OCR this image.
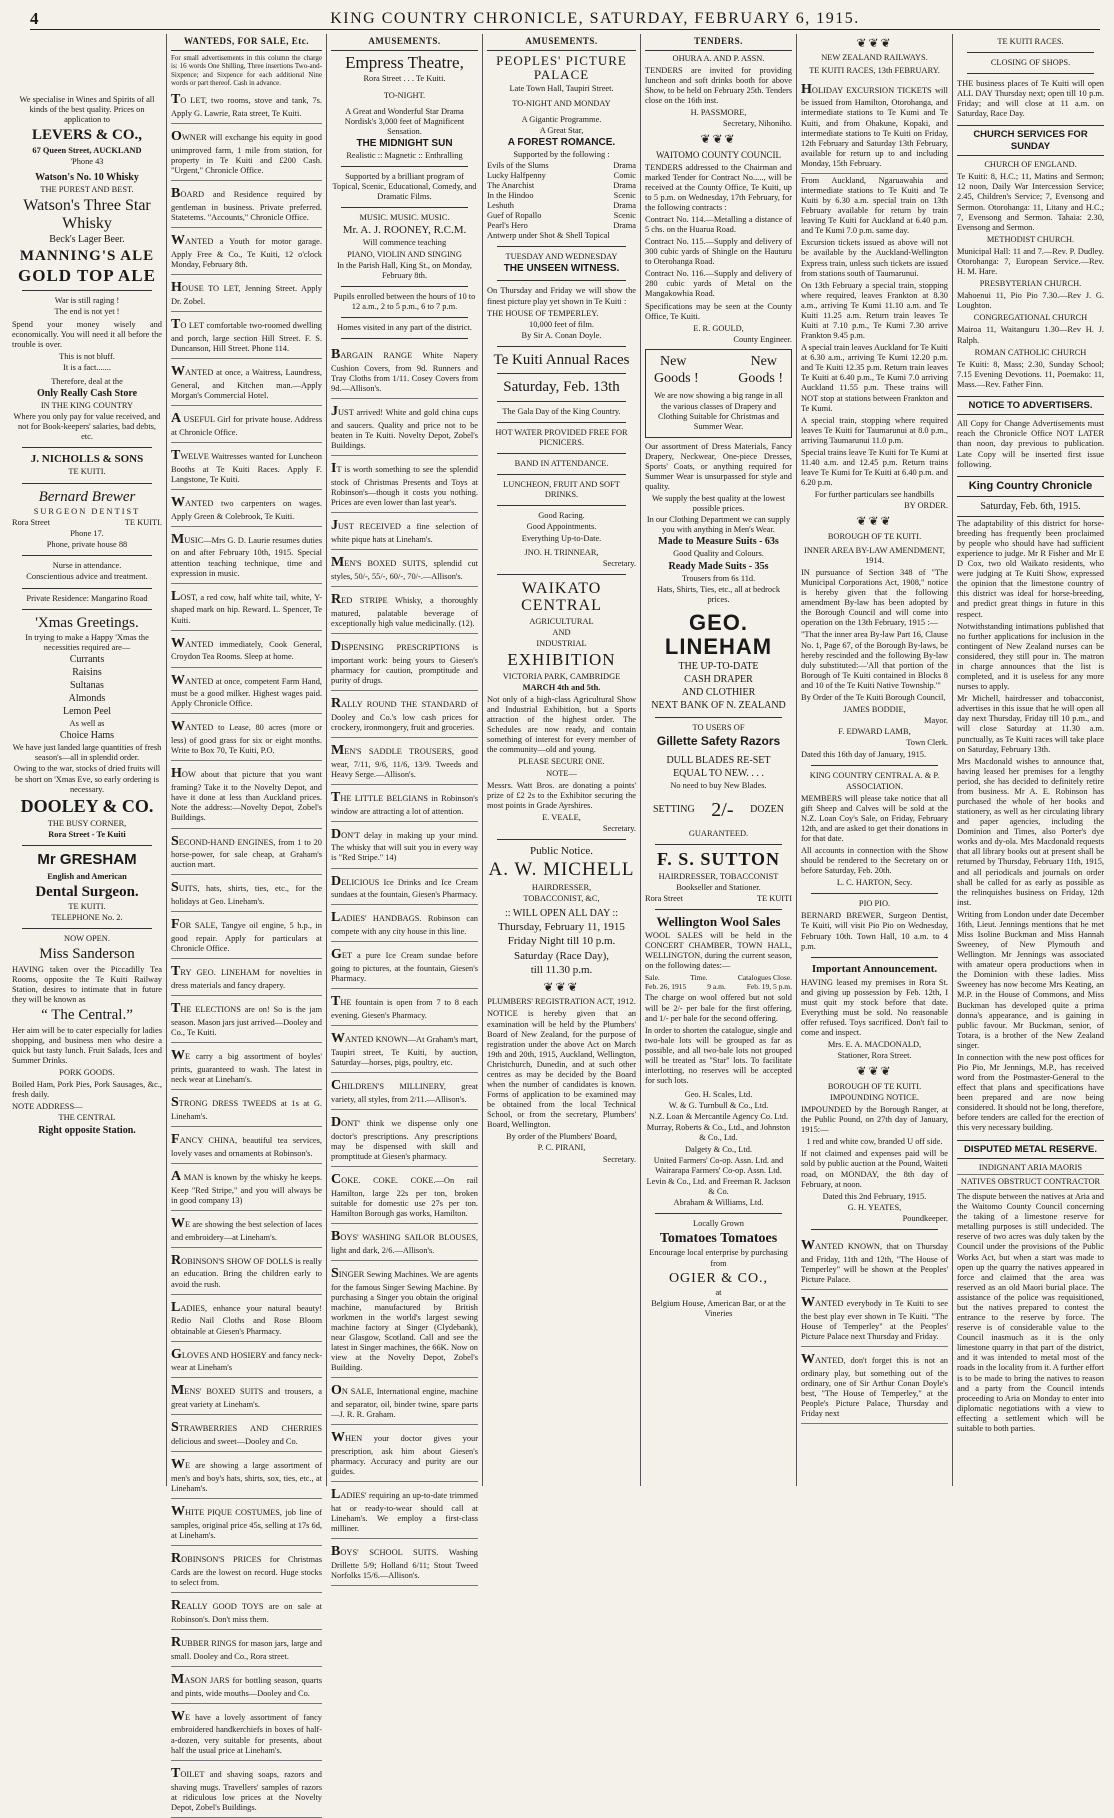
4	KING COUNTRY CHRONICLE, SATURDAY, FEBRUARY 6, 1915.

We specialise in Wines and Spirits of all kinds of the best quality. Prices on application to

LEVERS & CO.,
67 Queen Street, AUCKLAND
'Phone 43
Watson's No. 10 Whisky
THE PUREST AND BEST.
Watson's Three Star Whisky
Beck's Lager Beer.
MANNING'S ALE
GOLD TOP ALE
War is still raging !
The end is not yet !

Spend your money wisely and economically. You will need it all before the trouble is over.

This is not bluff.
It is a fact.......
Therefore, deal at the
Only Really Cash Store
IN THE KING COUNTRY

Where you only pay for value received, and not for Book-keepers' salaries, bad debts, etc.

J. NICHOLLS & SONS
TE KUITI.
Bernard Brewer
SURGEON DENTIST
Rora Street	TE KUITI.
Phone 17.
Phone, private house 88
Nurse in attendance.
Conscientious advice and treatment.
Private Residence: Mangarino Road
'Xmas Greetings.

In trying to make a Happy 'Xmas the necessities required are—

Currants
Raisins
Sultanas
Almonds
Lemon Peel
As well as
Choice Hams

We have just landed large quantities of fresh season's—all in splendid order.

Owing to the war, stocks of dried fruits will be short on 'Xmas Eve, so early ordering is necessary.

DOOLEY & CO.
THE BUSY CORNER,
Rora Street - Te Kuiti
Mr GRESHAM
English and American
Dental Surgeon.
TE KUITI.
TELEPHONE No. 2.
NOW OPEN.
Miss Sanderson

HAVING taken over the Piccadilly Tea Rooms, opposite the Te Kuiti Railway Station, desires to intimate that in future they will be known as

“ The Central.”

Her aim will be to cater especially for ladies shopping, and business men who desire a quick but tasty lunch. Fruit Salads, Ices and Summer Drinks.

PORK GOODS.

Boiled Ham, Pork Pies, Pork Sausages, &c., fresh daily.

NOTE ADDRESS—
THE CENTRAL
Right opposite Station.
WANTEDS, FOR SALE, Etc.
For small advertisements in this column the charge is: 16 words One Shilling, Three insertions Two-and-Sixpence; and Sixpence for each additional Nine words or part thereof. Cash in advance.

TO LET, two rooms, stove and tank, 7s. Apply G. Lawrie, Rata street, Te Kuiti.

OWNER will exchange his equity in good unimproved farm, 1 mile from station, for property in Te Kuiti and £200 Cash. "Urgent," Chronicle Office.

BOARD and Residence required by gentleman in business. Private preferred. Statetems. "Accounts," Chronicle Office.

WANTED a Youth for motor garage. Apply Free & Co., Te Kuiti, 12 o'clock Monday, February 8th.

HOUSE TO LET, Jenning Street. Apply Dr. Zobel.

TO LET comfortable two-roomed dwelling and porch, large section Hill Street. F. S. Duncanson, Hill Street. Phone 114.

WANTED at once, a Waitress, Laundress, General, and Kitchen man.—Apply Morgan's Commercial Hotel.

A USEFUL Girl for private house. Address at Chronicle Office.

TWELVE Waitresses wanted for Luncheon Booths at Te Kuiti Races. Apply F. Langstone, Te Kuiti.

WANTED two carpenters on wages. Apply Green & Colebrook, Te Kuiti.

MUSIC—Mrs G. D. Laurie resumes duties on and after February 10th, 1915. Special attention teaching technique, time and expression in music.

LOST, a red cow, half white tail, white, Y-shaped mark on hip. Reward. L. Spencer, Te Kuiti.

WANTED immediately, Cook General, Croydon Tea Rooms. Sleep at home.

WANTED at once, competent Farm Hand, must be a good milker. Highest wages paid. Apply Chronicle Office.

WANTED to Lease, 80 acres (more or less) of good grass for six or eight months. Write to Box 70, Te Kuiti, P.O.

HOW about that picture that you want framing? Take it to the Novelty Depot, and have it done at less than Auckland prices. Note the address:—Novelty Depot, Zobel's Buildings.

SECOND-HAND ENGINES, from 1 to 20 horse-power, for sale cheap, at Graham's auction mart.

SUITS, hats, shirts, ties, etc., for the holidays at Geo. Lineham's.

FOR SALE, Tangye oil engine, 5 h.p., in good repair. Apply for particulars at Chronicle Office.

TRY GEO. LINEHAM for novelties in dress materials and fancy drapery.

THE ELECTIONS are on! So is the jam season. Mason jars just arrived—Dooley and Co., Te Kuiti.

WE carry a big assortment of boyles' prints, guaranteed to wash. The latest in neck wear at Lineham's.

STRONG DRESS TWEEDS at 1s at G. Lineham's.

FANCY CHINA, beautiful tea services, lovely vases and ornaments at Robinson's.

A MAN is known by the whisky he keeps. Keep "Red Stripe," and you will always be in good company 13)

WE are showing the best selection of laces and embroidery—at Lineham's.

ROBINSON'S SHOW OF DOLLS is really an education. Bring the children early to avoid the rush.

LADIES, enhance your natural beauty! Redio Nail Cloths and Rose Bloom obtainable at Giesen's Pharmacy.

GLOVES AND HOSIERY and fancy neck-wear at Lineham's

MENS' BOXED SUITS and trousers, a great variety at Lineham's.

STRAWBERRIES AND CHERRIES delicious and sweet—Dooley and Co.

WE are showing a large assortment of men's and boy's hats, shirts, sox, ties, etc., at Lineham's.

WHITE PIQUE COSTUMES, job line of samples, original price 45s, selling at 17s 6d, at Lineham's.

ROBINSON'S PRICES for Christmas Cards are the lowest on record. Huge stocks to select from.

REALLY GOOD TOYS are on sale at Robinson's. Don't miss them.

RUBBER RINGS for mason jars, large and small. Dooley and Co., Rora street.

MASON JARS for bottling season, quarts and pints, wide mouths—Dooley and Co.

WE have a lovely assortment of fancy embroidered handkerchiefs in boxes of half-a-dozen, very suitable for presents, about half the usual price at Lineham's.

TOILET and shaving soaps, razors and shaving mugs. Travellers' samples of razors at ridiculous low prices at the Novelty Depot, Zobel's Buildings.

AMUSEMENTS.
Empress Theatre,
Rora Street . . . Te Kuiti.
TO-NIGHT.

A Great and Wonderful Star Drama Nordisk's 3,000 feet of Magnificent Sensation.

THE MIDNIGHT SUN
Realistic :: Magnetic :: Enthralling

Supported by a brilliant program of Topical, Scenic, Educational, Comedy, and Dramatic Films.

MUSIC. MUSIC. MUSIC.
Mr. A. J. ROONEY, R.C.M.
Will commence teaching
PIANO, VIOLIN AND SINGING

In the Parish Hall, King St., on Monday, February 8th.

Pupils enrolled between the hours of 10 to 12 a.m., 2 to 5 p.m., 6 to 7 p.m.

Homes visited in any part of the district.

BARGAIN RANGE White Napery Cushion Covers, from 9d. Runners and Tray Cloths from 1/11. Cosey Covers from 9d.—Allison's.

JUST arrived! White and gold china cups and saucers. Quality and price not to be beaten in Te Kuiti. Novelty Depot, Zobel's Buildings.

IT is worth something to see the splendid stock of Christmas Presents and Toys at Robinson's—though it costs you nothing. Prices are even lower than last year's.

JUST RECEIVED a fine selection of white pique hats at Lineham's.

MEN'S BOXED SUITS, splendid cut styles, 50/-, 55/-, 60/-, 70/-.—Allison's.

RED STRIPE Whisky, a thoroughly matured, palatable beverage of exceptionally high value medicinally. (12).

DISPENSING PRESCRIPTIONS is important work: being yours to Giesen's pharmacy for caution, promptitude and purity of drugs.

RALLY ROUND THE STANDARD of Dooley and Co.'s low cash prices for crockery, ironmongery, fruit and groceries.

MEN'S SADDLE TROUSERS, good wear, 7/11, 9/6, 11/6, 13/9. Tweeds and Heavy Serge.—Allison's.

THE LITTLE BELGIANS in Robinson's window are attracting a lot of attention.

DON'T delay in making up your mind. The whisky that will suit you in every way is "Red Stripe." 14)

DELICIOUS Ice Drinks and Ice Cream sundaes at the fountain, Giesen's Pharmacy.

LADIES' HANDBAGS. Robinson can compete with any city house in this line.

GET a pure Ice Cream sundae before going to pictures, at the fountain, Giesen's Pharmacy.

THE fountain is open from 7 to 8 each evening. Giesen's Pharmacy.

WANTED KNOWN—At Graham's mart, Taupiri street, Te Kuiti, by auction, Saturday—horses, pigs, poultry, etc.

CHILDREN'S MILLINERY, great variety, all styles, from 2/11.—Allison's.

DONT' think we dispense only one doctor's prescriptions. Any prescriptions may be dispensed with skill and promptitude at Giesen's pharmacy.

COKE. COKE. COKE.—On rail Hamilton, large 22s per ton, broken suitable for domestic use 27s per ton. Hamilton Borough gas works, Hamilton.

BOYS' WASHING SAILOR BLOUSES, light and dark, 2/6.—Allison's.

SINGER Sewing Machines. We are agents for the famous Singer Sewing Machine. By purchasing a Singer you obtain the original machine, manufactured by British workmen in the world's largest sewing machine factory at Singer (Clydebank), near Glasgow, Scotland. Call and see the latest in Singer machines, the 66K. Now on view at the Novelty Depot, Zobel's Building.

ON SALE, International engine, machine and separator, oil, binder twine, spare parts—J. R. R. Graham.

WHEN your doctor gives your prescription, ask him about Giesen's pharmacy. Accuracy and purity are our guides.

LADIES' requiring an up-to-date trimmed hat or ready-to-wear should call at Lineham's. We employ a first-class milliner.

BOYS' SCHOOL SUITS. Washing Drillette 5/9; Holland 6/11; Stout Tweed Norfolks 15/6.—Allison's.

AMUSEMENTS.
PEOPLES' PICTURE PALACE
Late Town Hall, Taupiri Street.
TO-NIGHT AND MONDAY
A Gigantic Programme.
A Great Star,
A FOREST ROMANCE.
Supported by the following :
Evils of the Slums	Drama
Lucky Halfpenny	Comic
The Anarchist	Drama
In the Hindoo	Scenic
Leshuth	Drama
Guef of Ropallo	Scenic
Pearl's Hero	Drama
Antwerp under Shot & Shell Topical
TUESDAY AND WEDNESDAY
THE UNSEEN WITNESS.

On Thursday and Friday we will show the finest picture play yet shown in Te Kuiti :

THE HOUSE OF TEMPERLEY.
10,000 feet of film.
By Sir A. Conan Doyle.
Te Kuiti Annual Races
Saturday, Feb. 13th
The Gala Day of the King Country.

HOT WATER PROVIDED FREE FOR PICNICERS.

BAND IN ATTENDANCE.

LUNCHEON, FRUIT AND SOFT DRINKS.

Good Racing.
Good Appointments.
Everything Up-to-Date.
JNO. H. TRINNEAR,
Secretary.
WAIKATO CENTRAL
AGRICULTURAL
AND
INDUSTRIAL
EXHIBITION
VICTORIA PARK, CAMBRIDGE
MARCH 4th and 5th.

Not only of a high-class Agricultural Show and Industrial Exhibition, but a Sports attraction of the highest order. The Schedules are now ready, and contain something of interest for every member of the community—old and young.

PLEASE SECURE ONE.
NOTE—

Messrs. Watt Bros. are donating a points' prize of £2 2s to the Exhibitor securing the most points in Grade Ayrshires.

E. VEALE,
Secretary.
Public Notice.
A. W. MICHELL
HAIRDRESSER,
TOBACCONIST, &C,
:: WILL OPEN ALL DAY ::
Thursday, February 11, 1915
Friday Night till 10 p.m.
Saturday (Race Day),
till 11.30 p.m.
❦❦❦
PLUMBERS' REGISTRATION ACT, 1912.

NOTICE is hereby given that an examination will be held by the Plumbers' Board of New Zealand, for the purpose of registration under the above Act on March 19th and 20th, 1915, Auckland, Wellington, Christchurch, Dunedin, and at such other centres as may be decided by the Board when the number of candidates is known. Forms of application to be examined may be obtained from the local Technical School, or from the secretary, Plumbers' Board, Wellington.

By order of the Plumbers' Board,
P. C. PIRANI,
Secretary.
TENDERS.
OHURA A. AND P. ASSN.

TENDERS are invited for providing luncheon and soft drinks booth for above Show, to be held on February 25th. Tenders close on the 16th inst.

H. PASSMORE,
Secretary, Nihoniho.
❦❦❦
WAITOMO COUNTY COUNCIL

TENDERS addressed to the Chairman and marked Tender for Contract No....., will be received at the County Office, Te Kuiti, up to 5 p.m. on Wednesday, 17th February, for the following contracts :

Contract No. 114.—Metalling a distance of 5 chs. on the Huarua Road.

Contract No. 115.—Supply and delivery of 300 cubic yards of Shingle on the Hauturu to Oterohanga Road.

Contract No. 116.—Supply and delivery of 280 cubic yards of Metal on the Mangakowhia Road.

Specifications may be seen at the County Office, Te Kuiti.

E. R. GOULD,
County Engineer.
New	New
Goods !	Goods !

We are now showing a big range in all the various classes of Drapery and Clothing Suitable for Christmas and Summer Wear.

Our assortment of Dress Materials, Fancy Drapery, Neckwear, One-piece Dresses, Sports' Coats, or anything required for Summer Wear is unsurpassed for style and quality.

We supply the best quality at the lowest possible prices.

In our Clothing Department we can supply you with anything in Men's Wear.

Made to Measure Suits - 63s
Good Quality and Colours.
Ready Made Suits - 35s
Trousers from 6s 11d.
Hats, Shirts, Ties, etc., all at bedrock prices.
GEO. LINEHAM
THE UP-TO-DATE
CASH DRAPER
AND CLOTHIER
NEXT BANK OF N. ZEALAND
TO USERS OF
Gillette Safety Razors
DULL BLADES RE-SET
EQUAL TO NEW. . . .
No need to buy New Blades.
SETTING 2/- DOZEN
GUARANTEED.
F. S. SUTTON
HAIRDRESSER, TOBACCONIST
Bookseller and Stationer.
Rora Street	TE KUITI
Wellington Wool Sales

WOOL SALES will be held in the CONCERT CHAMBER, TOWN HALL, WELLINGTON, during the current season, on the following dates:—

Sale.	Time.	Catalogues Close.
Feb. 26, 1915	9 a.m.	Feb. 19, 5 p.m.

The charge on wool offered but not sold will be 2/- per bale for the first offering, and 1/- per bale for the second offering.

In order to shorten the catalogue, single and two-bale lots will be grouped as far as possible, and all two-bale lots not grouped will be treated as "Star" lots. To facilitate interlotting, no reserves will be accepted for such lots.

Geo. H. Scales, Ltd.

W. & G. Turnbull & Co., Ltd.

N.Z. Loan & Mercantile Agency Co. Ltd.

Murray, Roberts & Co., Ltd., and Johnston & Co., Ltd.

Dalgety & Co., Ltd.

United Farmers' Co-op. Assn. Ltd. and Wairarapa Farmers' Co-op. Assn. Ltd.

Levin & Co., Ltd. and Freeman R. Jackson & Co.

Abraham & Williams, Ltd.

Locally Grown
Tomatoes Tomatoes

Encourage local enterprise by purchasing from

OGIER & CO.,
at

Belgium House, American Bar, or at the Vineries

❦❦❦
NEW ZEALAND RAILWAYS.
TE KUITI RACES, 13th FEBRUARY.

HOLIDAY EXCURSION TICKETS will be issued from Hamilton, Otorohanga, and intermediate stations to Te Kumi and Te Kuiti, and from Ohakune, Kopaki, and intermediate stations to Te Kuiti on Friday, 12th February and Saturday 13th February, available for return up to and including Monday, 15th February.

From Auckland, Ngaruawahia and intermediate stations to Te Kuiti and Te Kuiti by 6.30 a.m. special train on 13th February available for return by train leaving Te Kuiti for Auckland at 6.40 p.m. and Te Kumi 7.0 p.m. same day.

Excursion tickets issued as above will not be available by the Auckland-Wellington Express train, unless such tickets are issued from stations south of Taumarunui.

On 13th February a special train, stopping where required, leaves Frankton at 8.30 a.m., arriving Te Kumi 11.10 a.m. and Te Kuiti 11.25 a.m. Return train leaves Te Kuiti at 7.10 p.m., Te Kumi 7.30 arrive Frankton 9.45 p.m.

A special train leaves Auckland for Te Kuiti at 6.30 a.m., arriving Te Kumi 12.20 p.m. and Te Kuiti 12.35 p.m. Return train leaves Te Kuiti at 6.40 p.m., Te Kumi 7.0 arriving Auckland 11.55 p.m. These trains will NOT stop at stations between Frankton and Te Kumi.

A special train, stopping where required leaves Te Kuiti for Taumarunui at 8.0 p.m., arriving Taumarunui 11.0 p.m.

Special trains leave Te Kuiti for Te Kumi at 11.40 a.m. and 12.45 p.m. Return trains leave Te Kumi for Te Kuiti at 6.40 p.m. and 6.20 p.m.

For further particulars see handbills
BY ORDER.
❦❦❦
BOROUGH OF TE KUITI.
INNER AREA BY-LAW AMENDMENT, 1914.

IN pursuance of Section 348 of "The Municipal Corporations Act, 1908," notice is hereby given that the following amendment By-law has been adopted by the Borough Council and will come into operation on the 13th February, 1915 :—

"That the inner area By-law Part 16, Clause No. 1, Page 67, of the Borough By-laws, be hereby rescinded and the following By-law duly substituted:—'All that portion of the Borough of Te Kuiti contained in Blocks 8 and 10 of the Te Kuiti Native Township.'"

By Order of the Te Kuiti Borough Council,

JAMES BODDIE,
Mayor.
F. EDWARD LAMB,
Town Clerk.

Dated this 16th day of January, 1915.

KING COUNTRY CENTRAL A. & P. ASSOCIATION.

MEMBERS will please take notice that all gift Sheep and Calves will be sold at the N.Z. Loan Coy's Sale, on Friday, February 12th, and are asked to get their donations in for that date.

All accounts in connection with the Show should be rendered to the Secretary on or before Saturday, Feb. 20th.

L. C. HARTON, Secy.
PIO PIO.

BERNARD BREWER, Surgeon Dentist, Te Kuiti, will visit Pio Pio on Wednesday, February 10th. Town Hall, 10 a.m. to 4 p.m.

Important Announcement.

HAVING leased my premises in Rora St. and giving up possession by Feb. 12th, I must quit my stock before that date. Everything must be sold. No reasonable offer refused. Toys sacrificed. Don't fail to come and inspect.

Mrs. E. A. MACDONALD,
Stationer, Rora Street.
❦❦❦
BOROUGH OF TE KUITI.
IMPOUNDING NOTICE.

IMPOUNDED by the Borough Ranger, at the Public Pound, on 27th day of January, 1915:—

1 red and white cow, branded U off side.

If not claimed and expenses paid will be sold by public auction at the Pound, Waiteti road, on MONDAY, the 8th day of February, at noon.

Dated this 2nd February, 1915.
G. H. YEATES,
Poundkeeper.

WANTED KNOWN, that on Thursday and Friday, 11th and 12th, "The House of Temperley" will be shown at the Peoples' Picture Palace.

WANTED everybody in Te Kuiti to see the best play ever shown in Te Kuiti. "The House of Temperley" at the Peoples' Picture Palace next Thursday and Friday.

WANTED, don't forget this is not an ordinary play, but something out of the ordinary, one of Sir Arthur Conan Doyle's best, "The House of Temperley," at the People's Picture Palace, Thursday and Friday next

TE KUITI RACES.
CLOSING OF SHOPS.

THE business places of Te Kuiti will open ALL DAY Thursday next; open till 10 p.m. Friday; and will close at 11 a.m. on Saturday, Race Day.

CHURCH SERVICES FOR SUNDAY
CHURCH OF ENGLAND.

Te Kuiti: 8, H.C.; 11, Matins and Sermon; 12 noon, Daily War Intercession Service; 2.45, Children's Service; 7, Evensong and Sermon. Otorohanga: 11, Litany and H.C.; 7, Evensong and Sermon. Tahaia: 2.30, Evensong and Sermon.

METHODIST CHURCH.

Municipal Hall: 11 and 7.—Rev. P. Dudley. Otorohanga: 7, European Service.—Rev. H. M. Hare.

PRESBYTERIAN CHURCH.

Mahoenui 11, Pio Pio 7.30.—Rev J. G. Loughton.

CONGREGATIONAL CHURCH

Mairoa 11, Waitanguru 1.30—Rev H. J. Ralph.

ROMAN CATHOLIC CHURCH

Te Kuiti: 8, Mass; 2.30, Sunday School; 7.15 Evening Devotions. 11, Poemako: 11, Mass.—Rev. Father Finn.

NOTICE TO ADVERTISERS.

All Copy for Change Advertisements must reach the Chronicle Office NOT LATER than noon, day previous to publication. Late Copy will be inserted first issue following.

King Country Chronicle
Saturday, Feb. 6th, 1915.

The adaptability of this district for horse-breeding has frequently been proclaimed by people who should have had sufficient experience to judge. Mr R Fisher and Mr E D Cox, two old Waikato residents, who were judging at Te Kuiti Show, expressed the opinion that the limestone country of this district was ideal for horse-breeding, and predict great things in future in this respect.

Notwithstanding intimations published that no further applications for inclusion in the contingent of New Zealand nurses can be considered, they still pour in. The matron in charge announces that the list is completed, and it is useless for any more nurses to apply.

Mr Michell, hairdresser and tobacconist, advertises in this issue that he will open all day next Thursday, Friday till 10 p.m., and will close Saturday at 11.30 a.m. punctually, as Te Kuiti races will take place on Saturday, February 13th.

Mrs Macdonald wishes to announce that, having leased her premises for a lengthy period, she has decided to definitely retire from business. Mr A. E. Robinson has purchased the whole of her books and stationery, as well as her circulating library and paper agencies, including the Dominion and Times, also Porter's dye works and dy-ola. Mrs Macdonald requests that all library books out at present shall be returned by Thursday, February 11th, 1915, and all periodicals and journals on order shall be called for as early as possible as the relinquishes business on Friday, 12th inst.

Writing from London under date December 16th, Lieut. Jennings mentions that he met Miss Isoline Buckman and Miss Hannah Sweeney, of New Plymouth and Wellington. Mr Jennings was associated with amateur opera productions when in the Dominion with these ladies. Miss Sweeney has now become Mrs Keating, an M.P. in the House of Commons, and Miss Buckman has developed quite a prima donna's appearance, and is gaining in public favour. Mr Buckman, senior, of Totara, is a brother of the New Zealand singer.

In connection with the new post offices for Pio Pio, Mr Jennings, M.P., has received word from the Postmaster-General to the effect that plans and specifications have been prepared and are now being considered. It should not be long, therefore, before tenders are called for the erection of this very necessary building.

DISPUTED METAL RESERVE.
INDIGNANT ARIA MAORIS
NATIVES OBSTRUCT CONTRACTOR

The dispute between the natives at Aria and the Waitomo County Council concerning the taking of a limestone reserve for metalling purposes is still undecided. The reserve of two acres was duly taken by the Council under the provisions of the Public Works Act, but when a start was made to open up the quarry the natives appeared in force and claimed that the area was reserved as an old Maori burial place. The assistance of the police was requisitioned, but the natives prepared to contest the entrance to the reserve by force. The reserve is of considerable value to the Council inasmuch as it is the only limestone quarry in that part of the district, and it was intended to metal most of the roads in the locality from it. A further effort is to be made to bring the natives to reason and a party from the Council intends proceeding to Aria on Monday to enter into diplomatic negotiations with a view to effecting a settlement which will be suitable to both parties.
